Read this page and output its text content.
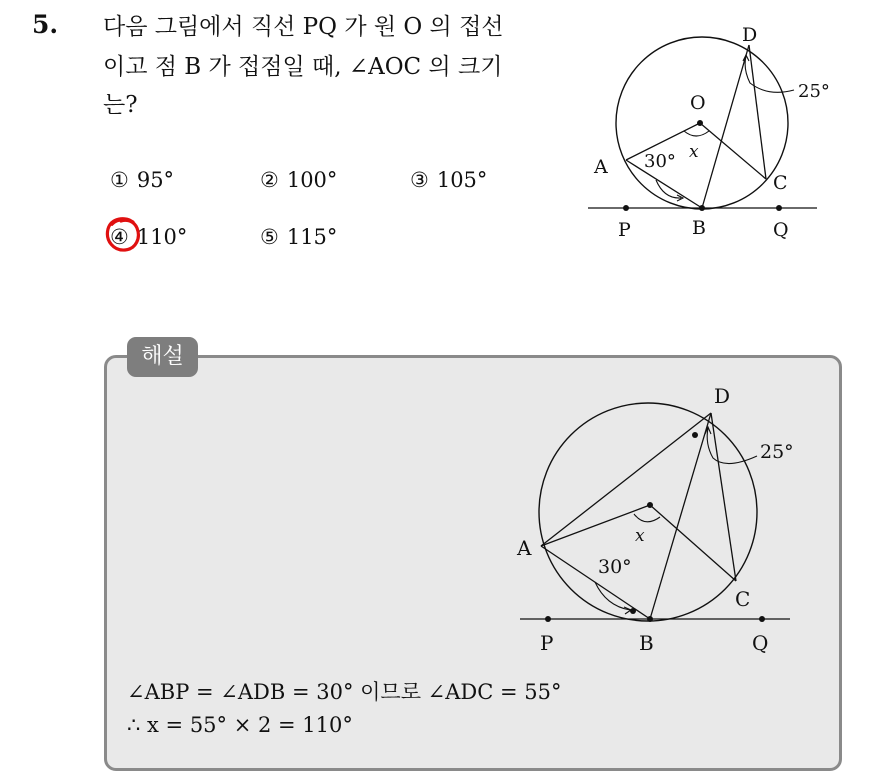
5. 다음 그림에서 직선 PQ 가 원 O 의 접선
이고 점 B 가 접점일 때, ∠AOC 의 크기
는?
① 95°	② 100°	③ 105°
④ 110°	⑤ 115°
D
O
A
B
C
P	Q
25°
30° x
해설
D
A
B
C
P	Q
25°
30°
x
∠ABP = ∠ADB = 30° 이므로 ∠ADC = 55°
∴ x = 55° × 2 = 110°
